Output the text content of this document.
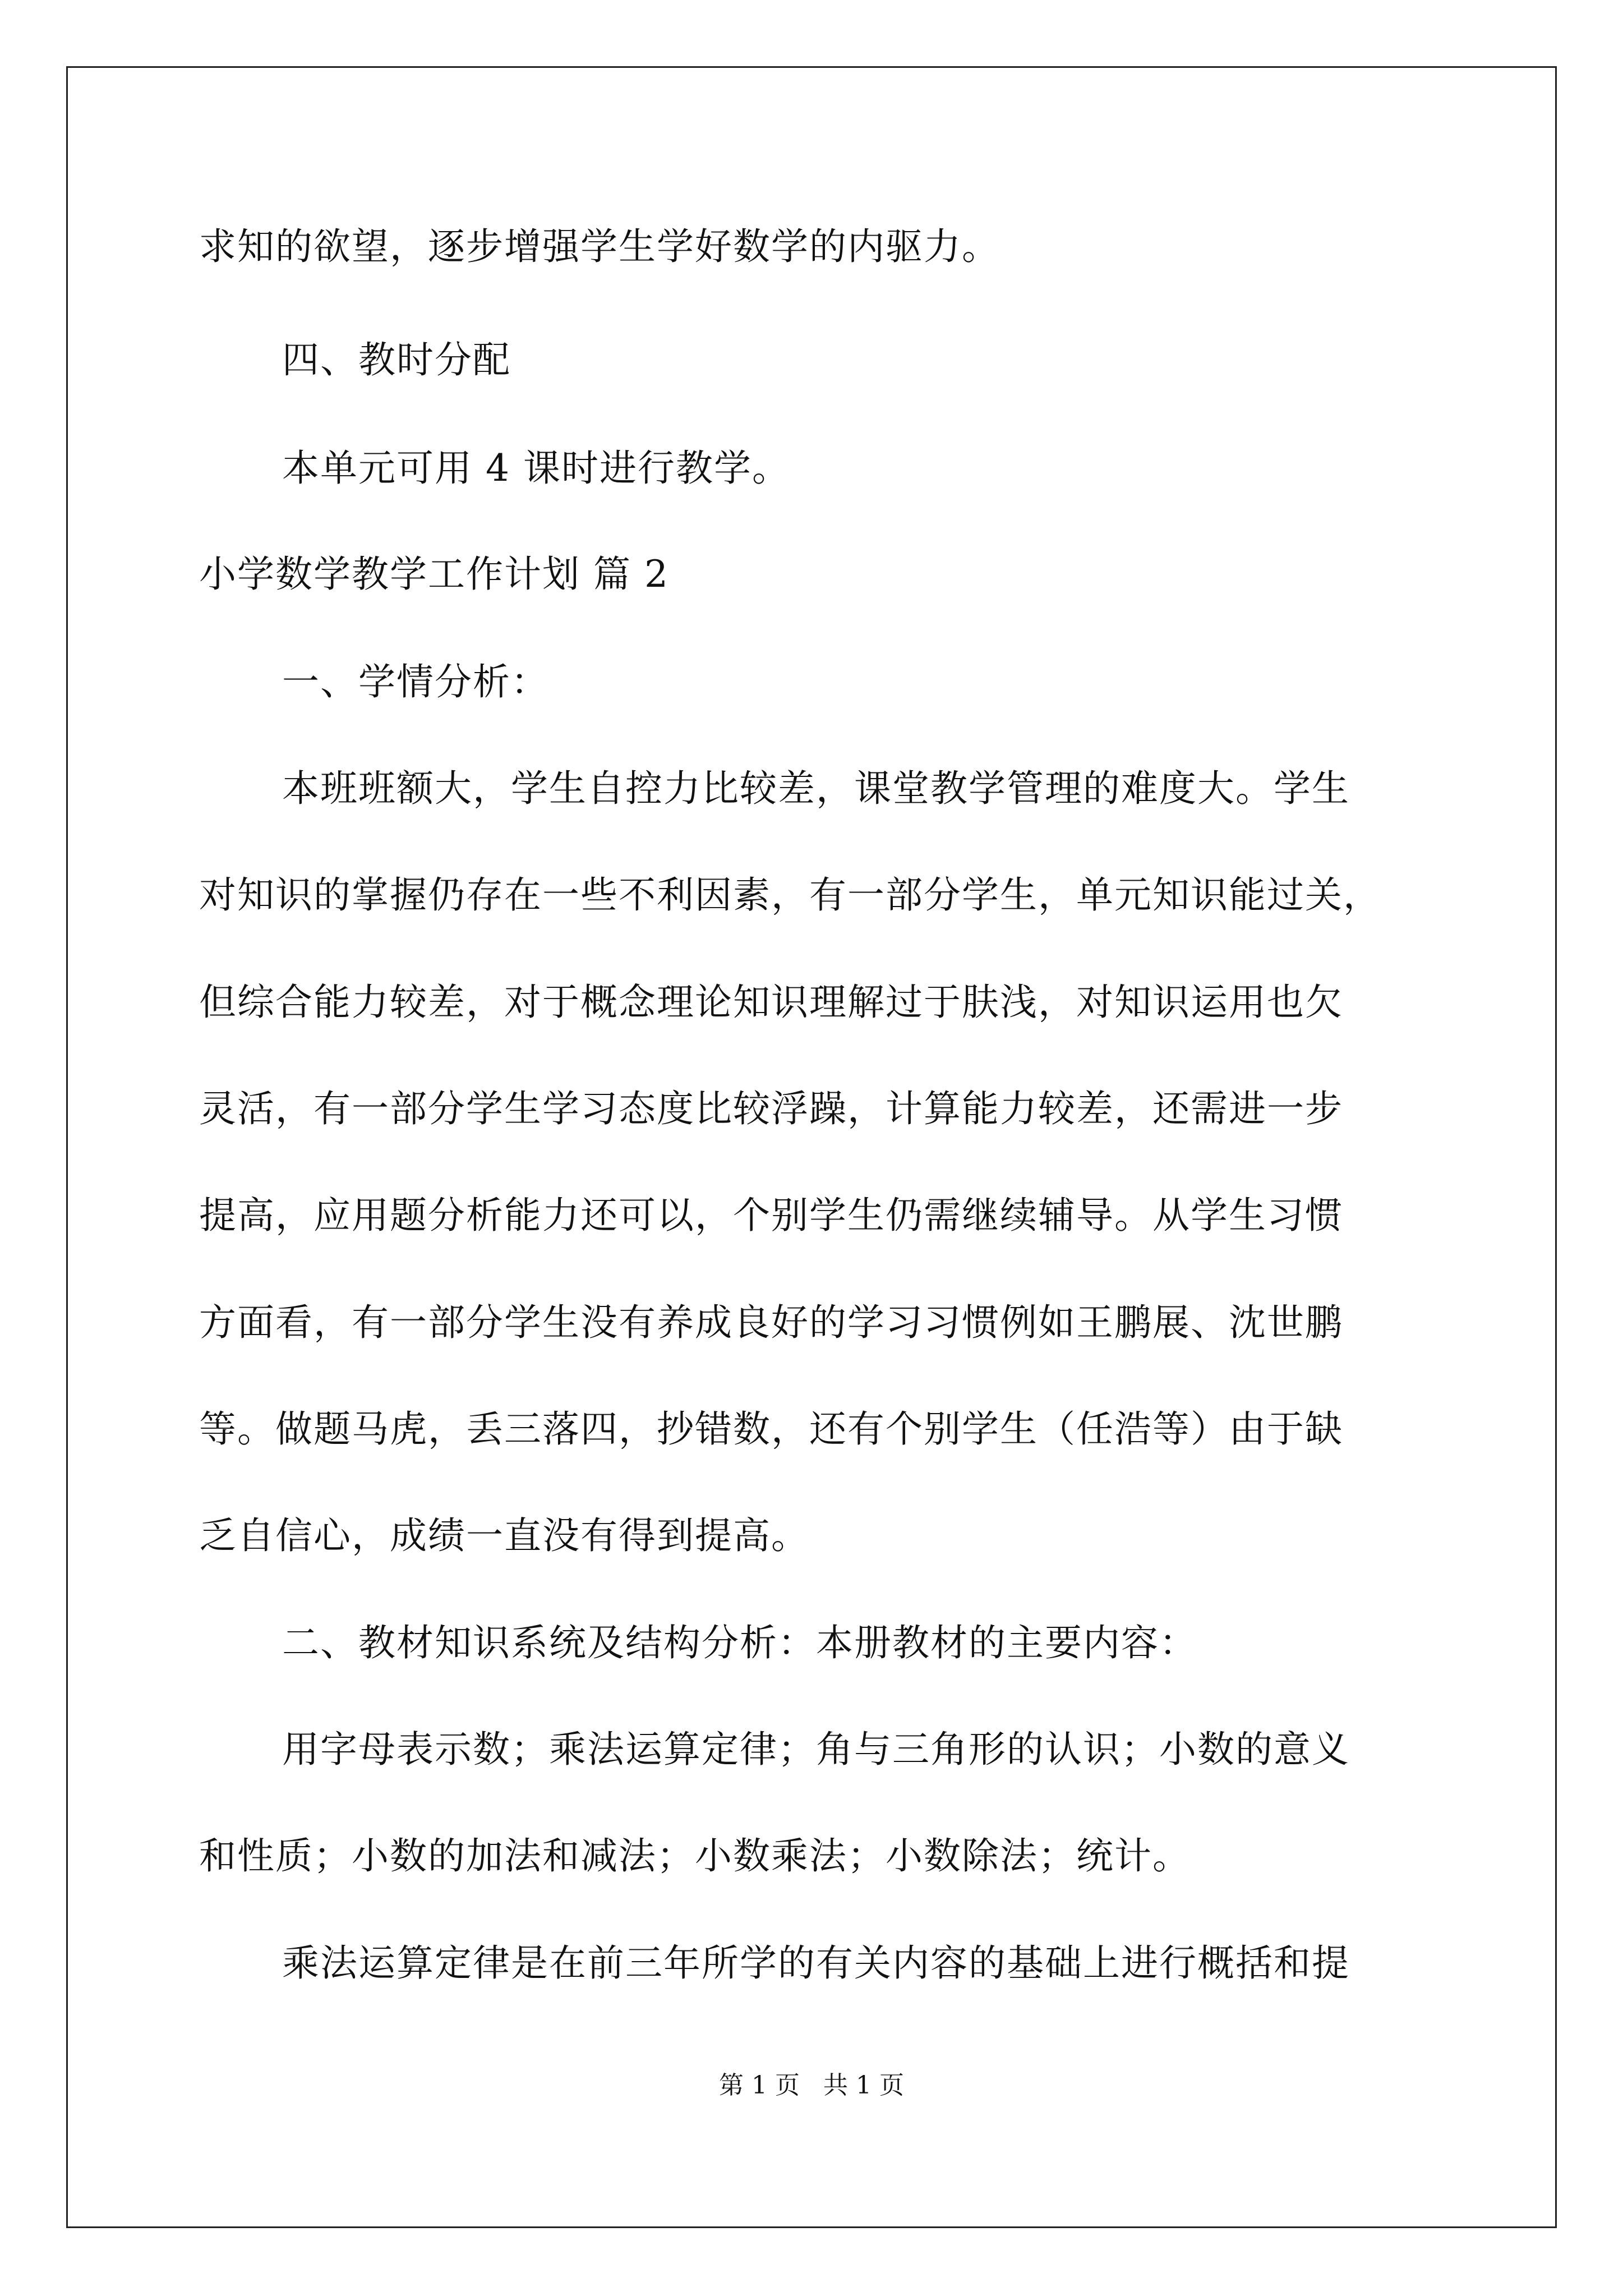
求知的欲望，逐步增强学生学好数学的内驱力。
四、教时分配
本单元可用 4 课时进行教学。
小学数学教学工作计划 篇 2
一、学情分析：
本班班额大，学生自控力比较差，课堂教学管理的难度大。学生
对知识的掌握仍存在一些不利因素，有一部分学生，单元知识能过关，
但综合能力较差，对于概念理论知识理解过于肤浅，对知识运用也欠
灵活，有一部分学生学习态度比较浮躁，计算能力较差，还需进一步
提高，应用题分析能力还可以，个别学生仍需继续辅导。从学生习惯
方面看，有一部分学生没有养成良好的学习习惯例如王鹏展、沈世鹏
等。做题马虎，丢三落四，抄错数，还有个别学生（任浩等）由于缺
乏自信心，成绩一直没有得到提高。
二、教材知识系统及结构分析：本册教材的主要内容：
用字母表示数；乘法运算定律；角与三角形的认识；小数的意义
和性质；小数的加法和减法；小数乘法；小数除法；统计。
乘法运算定律是在前三年所学的有关内容的基础上进行概括和提
第 1 页   共 1 页
